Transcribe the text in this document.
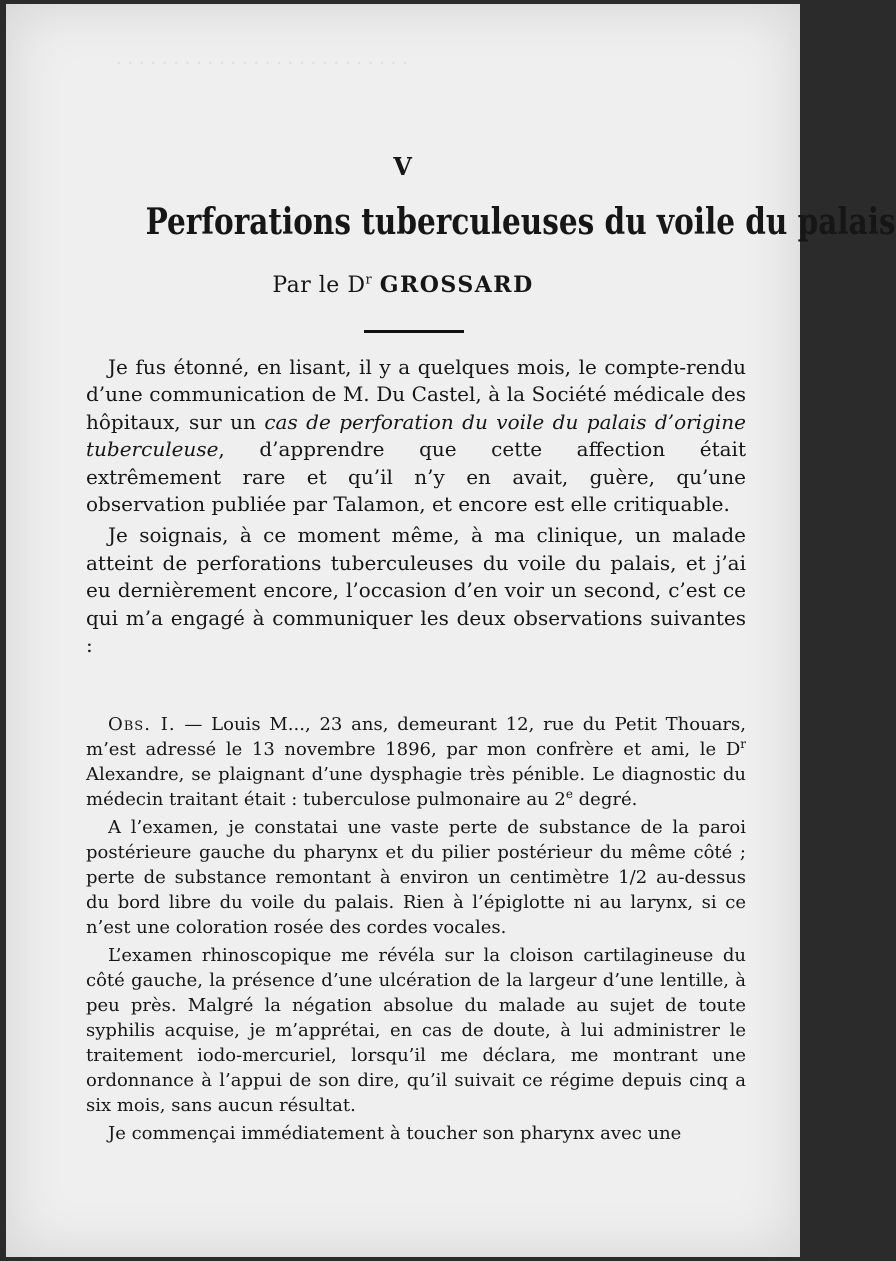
· · · · · · · · · · · · · · · · · · · · · · · · · ·
V
Perforations tuberculeuses du voile du palais
Par le $D^r$ GROSSARD

Je fus étonné, en lisant, il y a quelques mois, le compte-rendu d’une communication de M. Du Castel, à la Société médicale des hôpitaux, sur un cas de perforation du voile du palais d’origine tuberculeuse, d’apprendre que cette affection était extrêmement rare et qu’il n’y en avait, guère, qu’une observation publiée par Talamon, et encore est elle critiquable.

Je soignais, à ce moment même, à ma clinique, un malade atteint de perforations tuberculeuses du voile du palais, et j’ai eu dernièrement encore, l’occasion d’en voir un second, c’est ce qui m’a engagé à communiquer les deux observations suivantes :

Obs. I. — Louis M..., 23 ans, demeurant 12, rue du Petit Thouars, m’est adressé le 13 novembre 1896, par mon confrère et ami, le $D^r$ Alexandre, se plaignant d’une dysphagie très pénible. Le diagnostic du médecin traitant était : tuberculose pulmonaire au 2e degré.

A l’examen, je constatai une vaste perte de substance de la paroi postérieure gauche du pharynx et du pilier postérieur du même côté ; perte de substance remontant à environ un centimètre 1/2 au-dessus du bord libre du voile du palais. Rien à l’épiglotte ni au larynx, si ce n’est une coloration rosée des cordes vocales.

L’examen rhinoscopique me révéla sur la cloison cartilagineuse du côté gauche, la présence d’une ulcération de la largeur d’une lentille, à peu près. Malgré la négation absolue du malade au sujet de toute syphilis acquise, je m’apprétai, en cas de doute, à lui administrer le traitement iodo-mercuriel, lorsqu’il me déclara, me montrant une ordonnance à l’appui de son dire, qu’il suivait ce régime depuis cinq a six mois, sans aucun résultat.

Je commençai immédiatement à toucher son pharynx avec une
